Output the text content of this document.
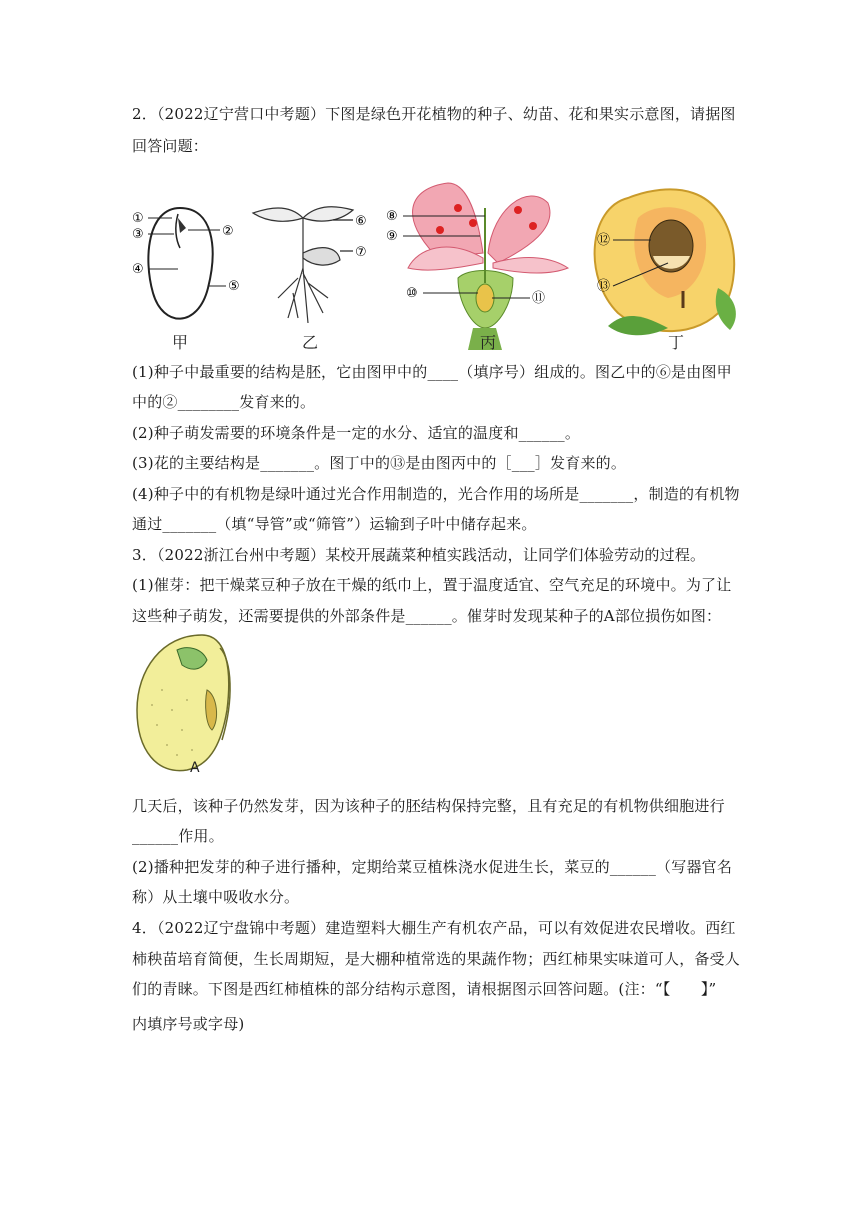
2．（2022辽宁营口中考题）下图是绿色开花植物的种子、幼苗、花和果实示意图，请据图
回答问题：
①
③	②
④
⑤
⑥
⑦
⑧
⑨
⑩	⑪
⑫
⑬
甲	乙	丙	丁
(1)种子中最重要的结构是胚，它由图甲中的____（填序号）组成的。图乙中的⑥是由图甲
中的②________发育来的。
(2)种子萌发需要的环境条件是一定的水分、适宜的温度和______。
(3)花的主要结构是_______。图丁中的⑬是由图丙中的［___］发育来的。
(4)种子中的有机物是绿叶通过光合作用制造的，光合作用的场所是_______，制造的有机物
通过_______（填“导管”或“筛管”）运输到子叶中储存起来。
3．（2022浙江台州中考题）某校开展蔬菜种植实践活动，让同学们体验劳动的过程。
(1)催芽：把干燥菜豆种子放在干燥的纸巾上，置于温度适宜、空气充足的环境中。为了让
这些种子萌发，还需要提供的外部条件是______。催芽时发现某种子的A部位损伤如图：
A
几天后，该种子仍然发芽，因为该种子的胚结构保持完整，且有充足的有机物供细胞进行
______作用。
(2)播种把发芽的种子进行播种，定期给菜豆植株浇水促进生长，菜豆的______（写器官名
称）从土壤中吸收水分。
4．（2022辽宁盘锦中考题）建造塑料大棚生产有机农产品，可以有效促进农民增收。西红
柿秧苗培育简便，生长周期短，是大棚种植常选的果蔬作物；西红柿果实味道可人，备受人
们的青睐。下图是西红柿植株的部分结构示意图，请根据图示回答问题。(注：“【　　】”
内填序号或字母)
